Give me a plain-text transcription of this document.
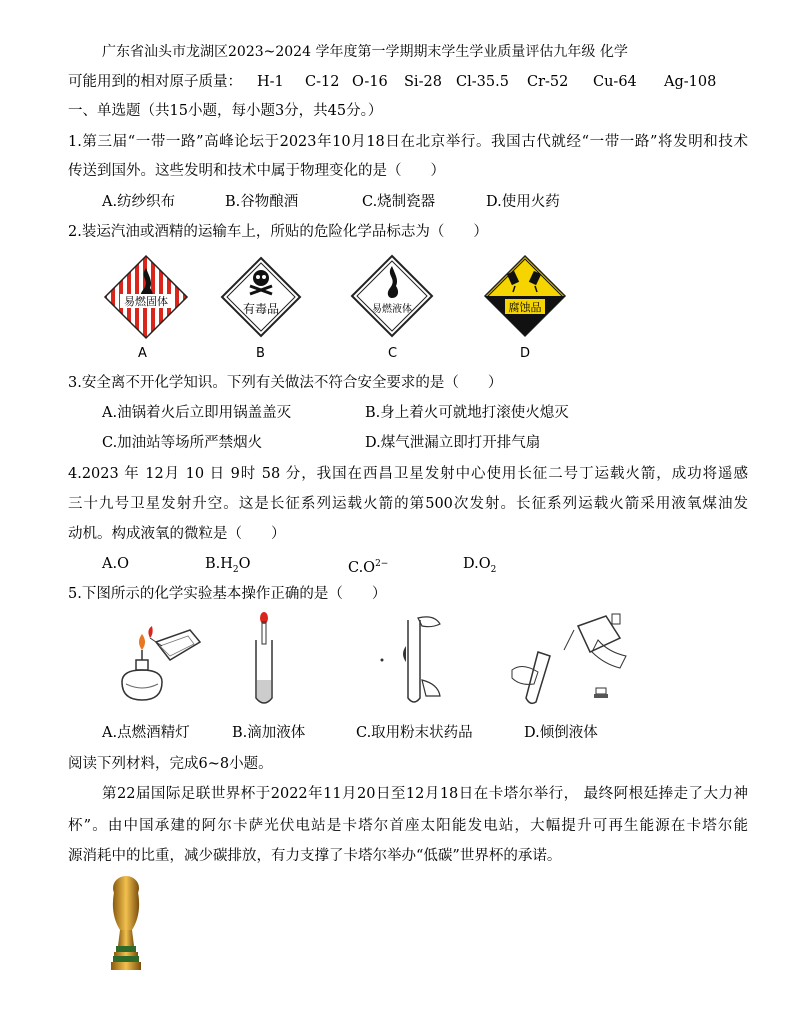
广东省汕头市龙湖区2023~2024 学年度第一学期期末学生学业质量评估九年级 化学
可能用到的相对原子质量： H-1 C-12 O-16 Si-28 Cl-35.5 Cr-52 Cu-64 Ag-108
一、单选题（共15小题，每小题3分，共45分。）
1.第三届“一带一路”高峰论坛于2023年10月18日在北京举行。我国古代就经“一带一路”将发明和技术
传送到国外。这些发明和技术中属于物理变化的是（　　）
A.纺纱织布	B.谷物酿酒	C.烧制瓷器	D.使用火药
2.装运汽油或酒精的运输车上，所贴的危险化学品标志为（　　）
易燃固体
A
有毒品
B
易燃液体
C
腐蚀品
D
3.安全离不开化学知识。下列有关做法不符合安全要求的是（　　）
A.油锅着火后立即用锅盖盖灭	B.身上着火可就地打滚使火熄灭
C.加油站等场所严禁烟火	D.煤气泄漏立即打开排气扇
4.2023 年 12月 10 日 9时 58 分，我国在西昌卫星发射中心使用长征二号丁运载火箭，成功将遥感
三十九号卫星发射升空。这是长征系列运载火箭的第500次发射。长征系列运载火箭采用液氧煤油发
动机。构成液氧的微粒是（　　）
A.O	$B.H_2O$	$C.O^{2-}$	$D.O_2$
5.下图所示的化学实验基本操作正确的是（　　）
A.点燃酒精灯	B.滴加液体	C.取用粉末状药品	D.倾倒液体
阅读下列材料，完成6~8小题。
第22届国际足联世界杯于2022年11月20日至12月18日在卡塔尔举行， 最终阿根廷捧走了大力神
杯”。由中国承建的阿尔卡萨光伏电站是卡塔尔首座太阳能发电站，大幅提升可再生能源在卡塔尔能
源消耗中的比重，减少碳排放，有力支撑了卡塔尔举办“低碳”世界杯的承诺。
